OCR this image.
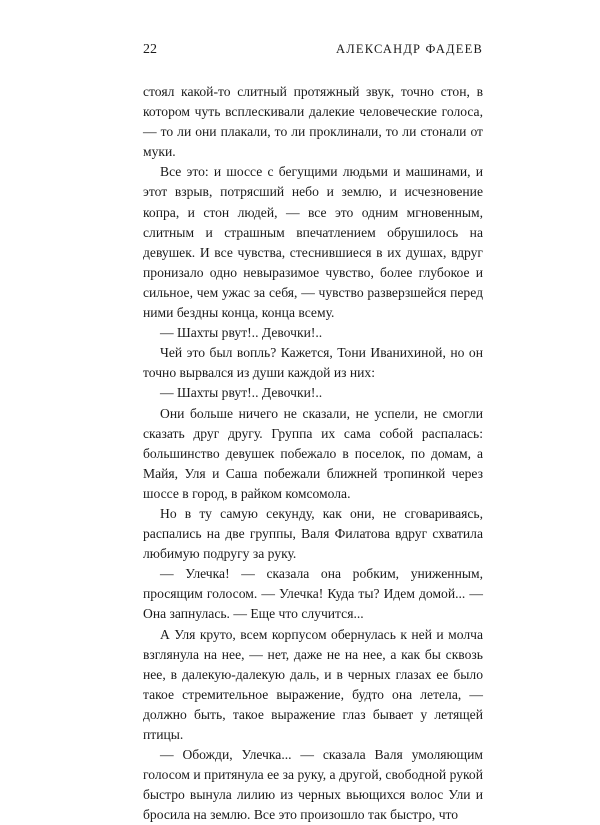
22	АЛЕКСАНДР ФАДЕЕВ

стоял какой-то слитный протяжный звук, точно стон, в котором чуть всплескивали далекие человеческие голоса, — то ли они плакали, то ли проклинали, то ли стонали от муки.

Все это: и шоссе с бегущими людьми и машинами, и этот взрыв, потрясший небо и землю, и исчезновение копра, и стон людей, — все это одним мгновенным, слитным и страшным впечатлением обрушилось на девушек. И все чувства, стеснившиеся в их душах, вдруг пронизало одно невыразимое чувство, более глубокое и сильное, чем ужас за себя, — чувство разверзшейся перед ними бездны конца, конца всему.

— Шахты рвут!.. Девочки!..

Чей это был вопль? Кажется, Тони Иванихиной, но он точно вырвался из души каждой из них:

— Шахты рвут!.. Девочки!..

Они больше ничего не сказали, не успели, не смогли сказать друг другу. Группа их сама собой распалась: большинство девушек побежало в поселок, по домам, а Майя, Уля и Саша побежали ближней тропинкой через шоссе в город, в райком комсомола.

Но в ту самую секунду, как они, не сговариваясь, распались на две группы, Валя Филатова вдруг схватила любимую подругу за руку.

— Улечка! — сказала она робким, униженным, просящим голосом. — Улечка! Куда ты? Идем домой... — Она запнулась. — Еще что случится...

А Уля круто, всем корпусом обернулась к ней и молча взглянула на нее, — нет, даже не на нее, а как бы сквозь нее, в далекую-далекую даль, и в черных глазах ее было такое стремительное выражение, будто она летела, — должно быть, такое выражение глаз бывает у летящей птицы.

— Обожди, Улечка... — сказала Валя умоляющим голосом и притянула ее за руку, а другой, свободной рукой быстро вынула лилию из черных вьющихся волос Ули и бросила на землю. Все это произошло так быстро, что
